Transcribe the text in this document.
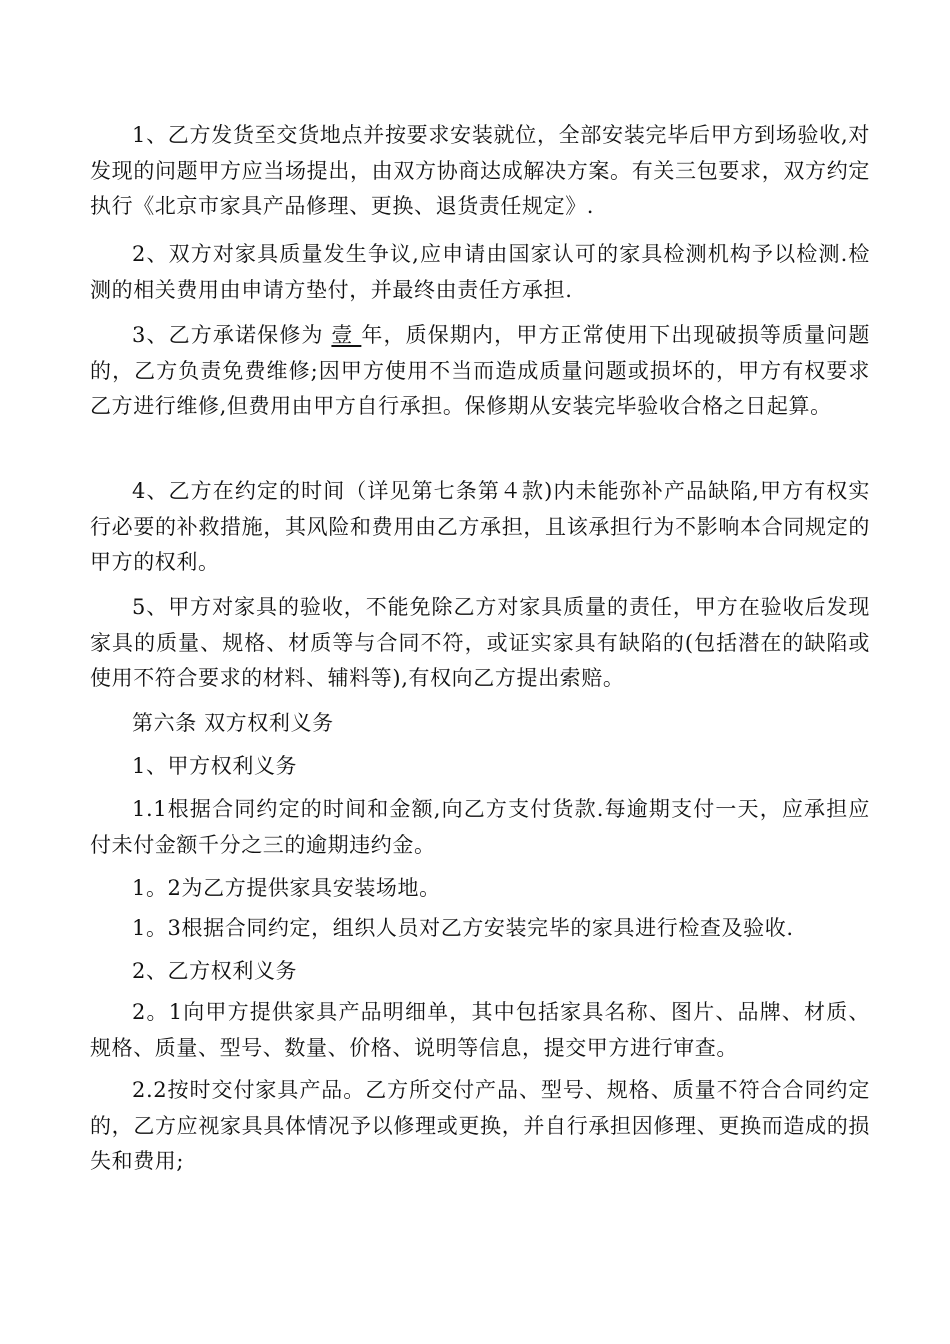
1、乙方发货至交货地点并按要求安装就位，全部安装完毕后甲方到场验收,对发现的问题甲方应当场提出，由双方协商达成解决方案。有关三包要求，双方约定执行《北京市家具产品修理、更换、退货责任规定》.

2、双方对家具质量发生争议,应申请由国家认可的家具检测机构予以检测.检测的相关费用由申请方垫付，并最终由责任方承担.

3、乙方承诺保修为 壹 年，质保期内，甲方正常使用下出现破损等质量问题的，乙方负责免费维修;因甲方使用不当而造成质量问题或损坏的，甲方有权要求乙方进行维修,但费用由甲方自行承担。保修期从安装完毕验收合格之日起算。

4、乙方在约定的时间（详见第七条第４款)内未能弥补产品缺陷,甲方有权实行必要的补救措施，其风险和费用由乙方承担，且该承担行为不影响本合同规定的甲方的权利。

5、甲方对家具的验收，不能免除乙方对家具质量的责任，甲方在验收后发现家具的质量、规格、材质等与合同不符，或证实家具有缺陷的(包括潜在的缺陷或使用不符合要求的材料、辅料等),有权向乙方提出索赔。

第六条 双方权利义务

1、甲方权利义务

1.1根据合同约定的时间和金额,向乙方支付货款.每逾期支付一天，应承担应付未付金额千分之三的逾期违约金。

1。2为乙方提供家具安装场地。

1。3根据合同约定，组织人员对乙方安装完毕的家具进行检查及验收.

2、乙方权利义务

2。1向甲方提供家具产品明细单，其中包括家具名称、图片、品牌、材质、规格、质量、型号、数量、价格、说明等信息，提交甲方进行审查。

2.2按时交付家具产品。乙方所交付产品、型号、规格、质量不符合合同约定的，乙方应视家具具体情况予以修理或更换，并自行承担因修理、更换而造成的损失和费用;
